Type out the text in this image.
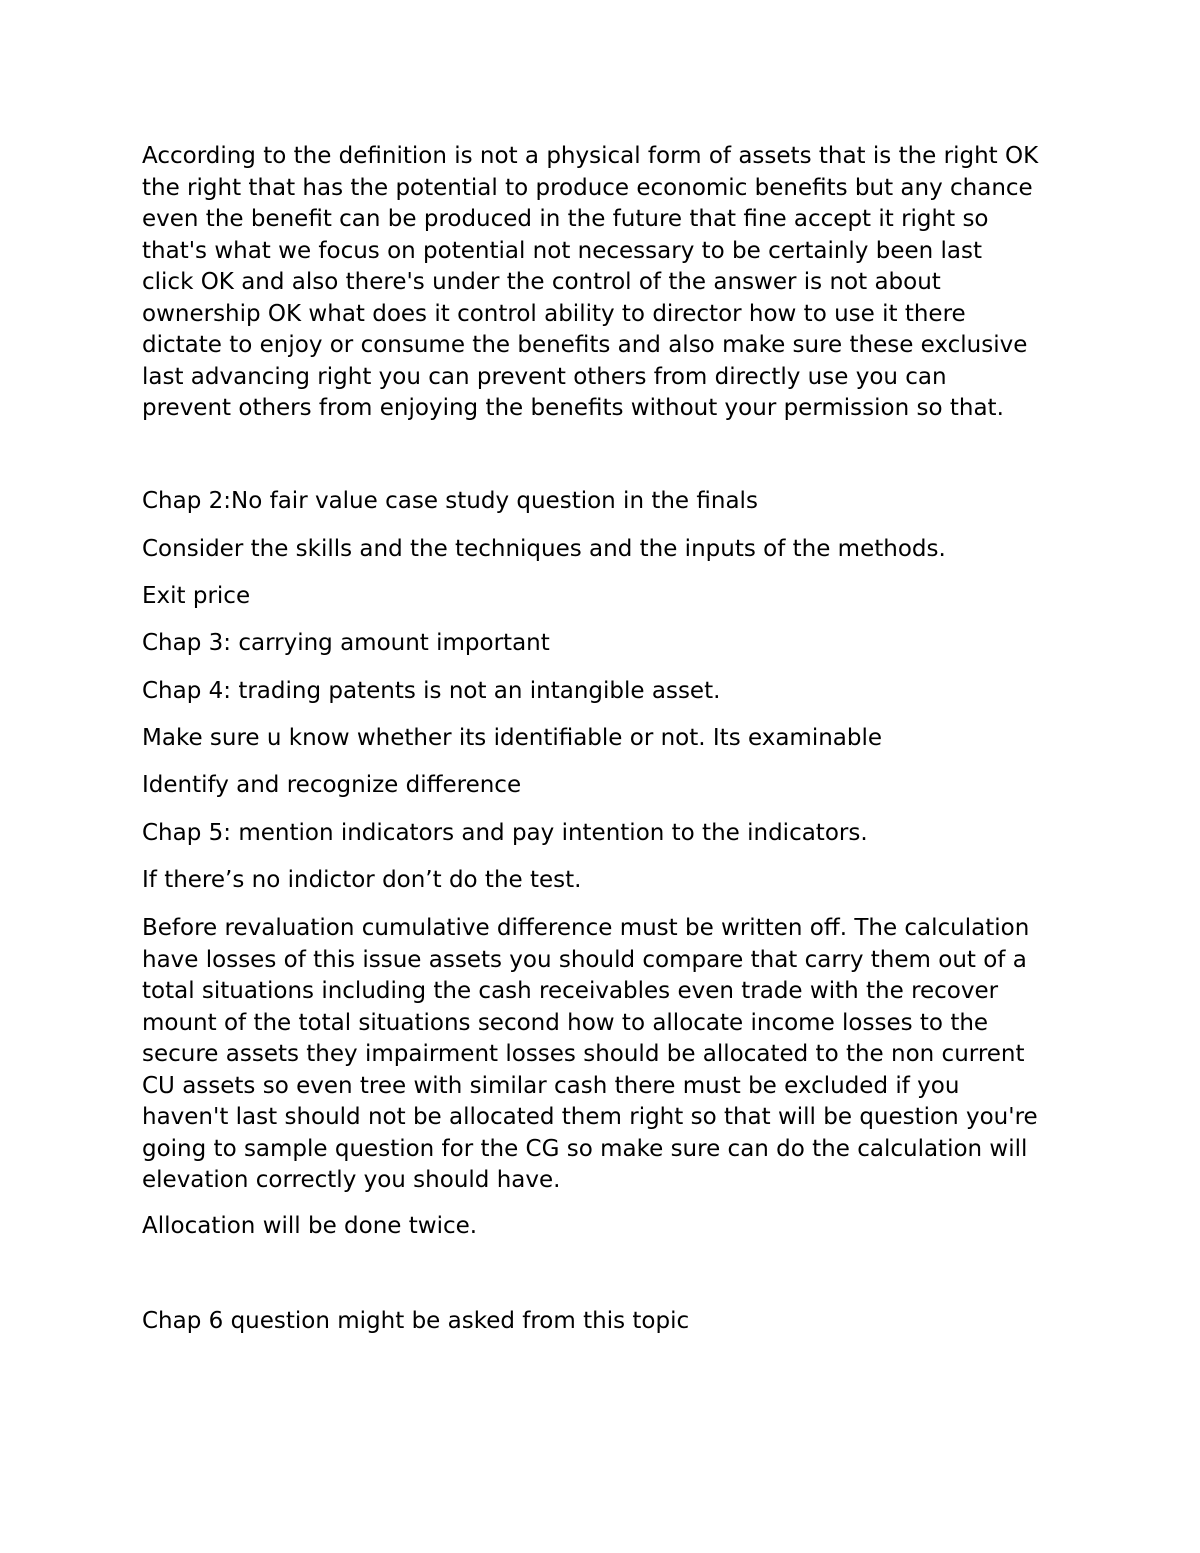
According to the definition is not a physical form of assets that is the right OK
the right that has the potential to produce economic benefits but any chance
even the benefit can be produced in the future that fine accept it right so
that's what we focus on potential not necessary to be certainly been last
click OK and also there's under the control of the answer is not about
ownership OK what does it control ability to director how to use it there
dictate to enjoy or consume the benefits and also make sure these exclusive
last advancing right you can prevent others from directly use you can
prevent others from enjoying the benefits without your permission so that.
Chap 2:No fair value case study question in the finals
Consider the skills and the techniques and the inputs of the methods.
Exit price
Chap 3: carrying amount important
Chap 4: trading patents is not an intangible asset.
Make sure u know whether its identifiable or not. Its examinable
Identify and recognize difference
Chap 5: mention indicators and pay intention to the indicators.
If there’s no indictor don’t do the test.
Before revaluation cumulative difference must be written off. The calculation
have losses of this issue assets you should compare that carry them out of a
total situations including the cash receivables even trade with the recover
mount of the total situations second how to allocate income losses to the
secure assets they impairment losses should be allocated to the non current
CU assets so even tree with similar cash there must be excluded if you
haven't last should not be allocated them right so that will be question you're
going to sample question for the CG so make sure can do the calculation will
elevation correctly you should have.
Allocation will be done twice.
Chap 6 question might be asked from this topic
